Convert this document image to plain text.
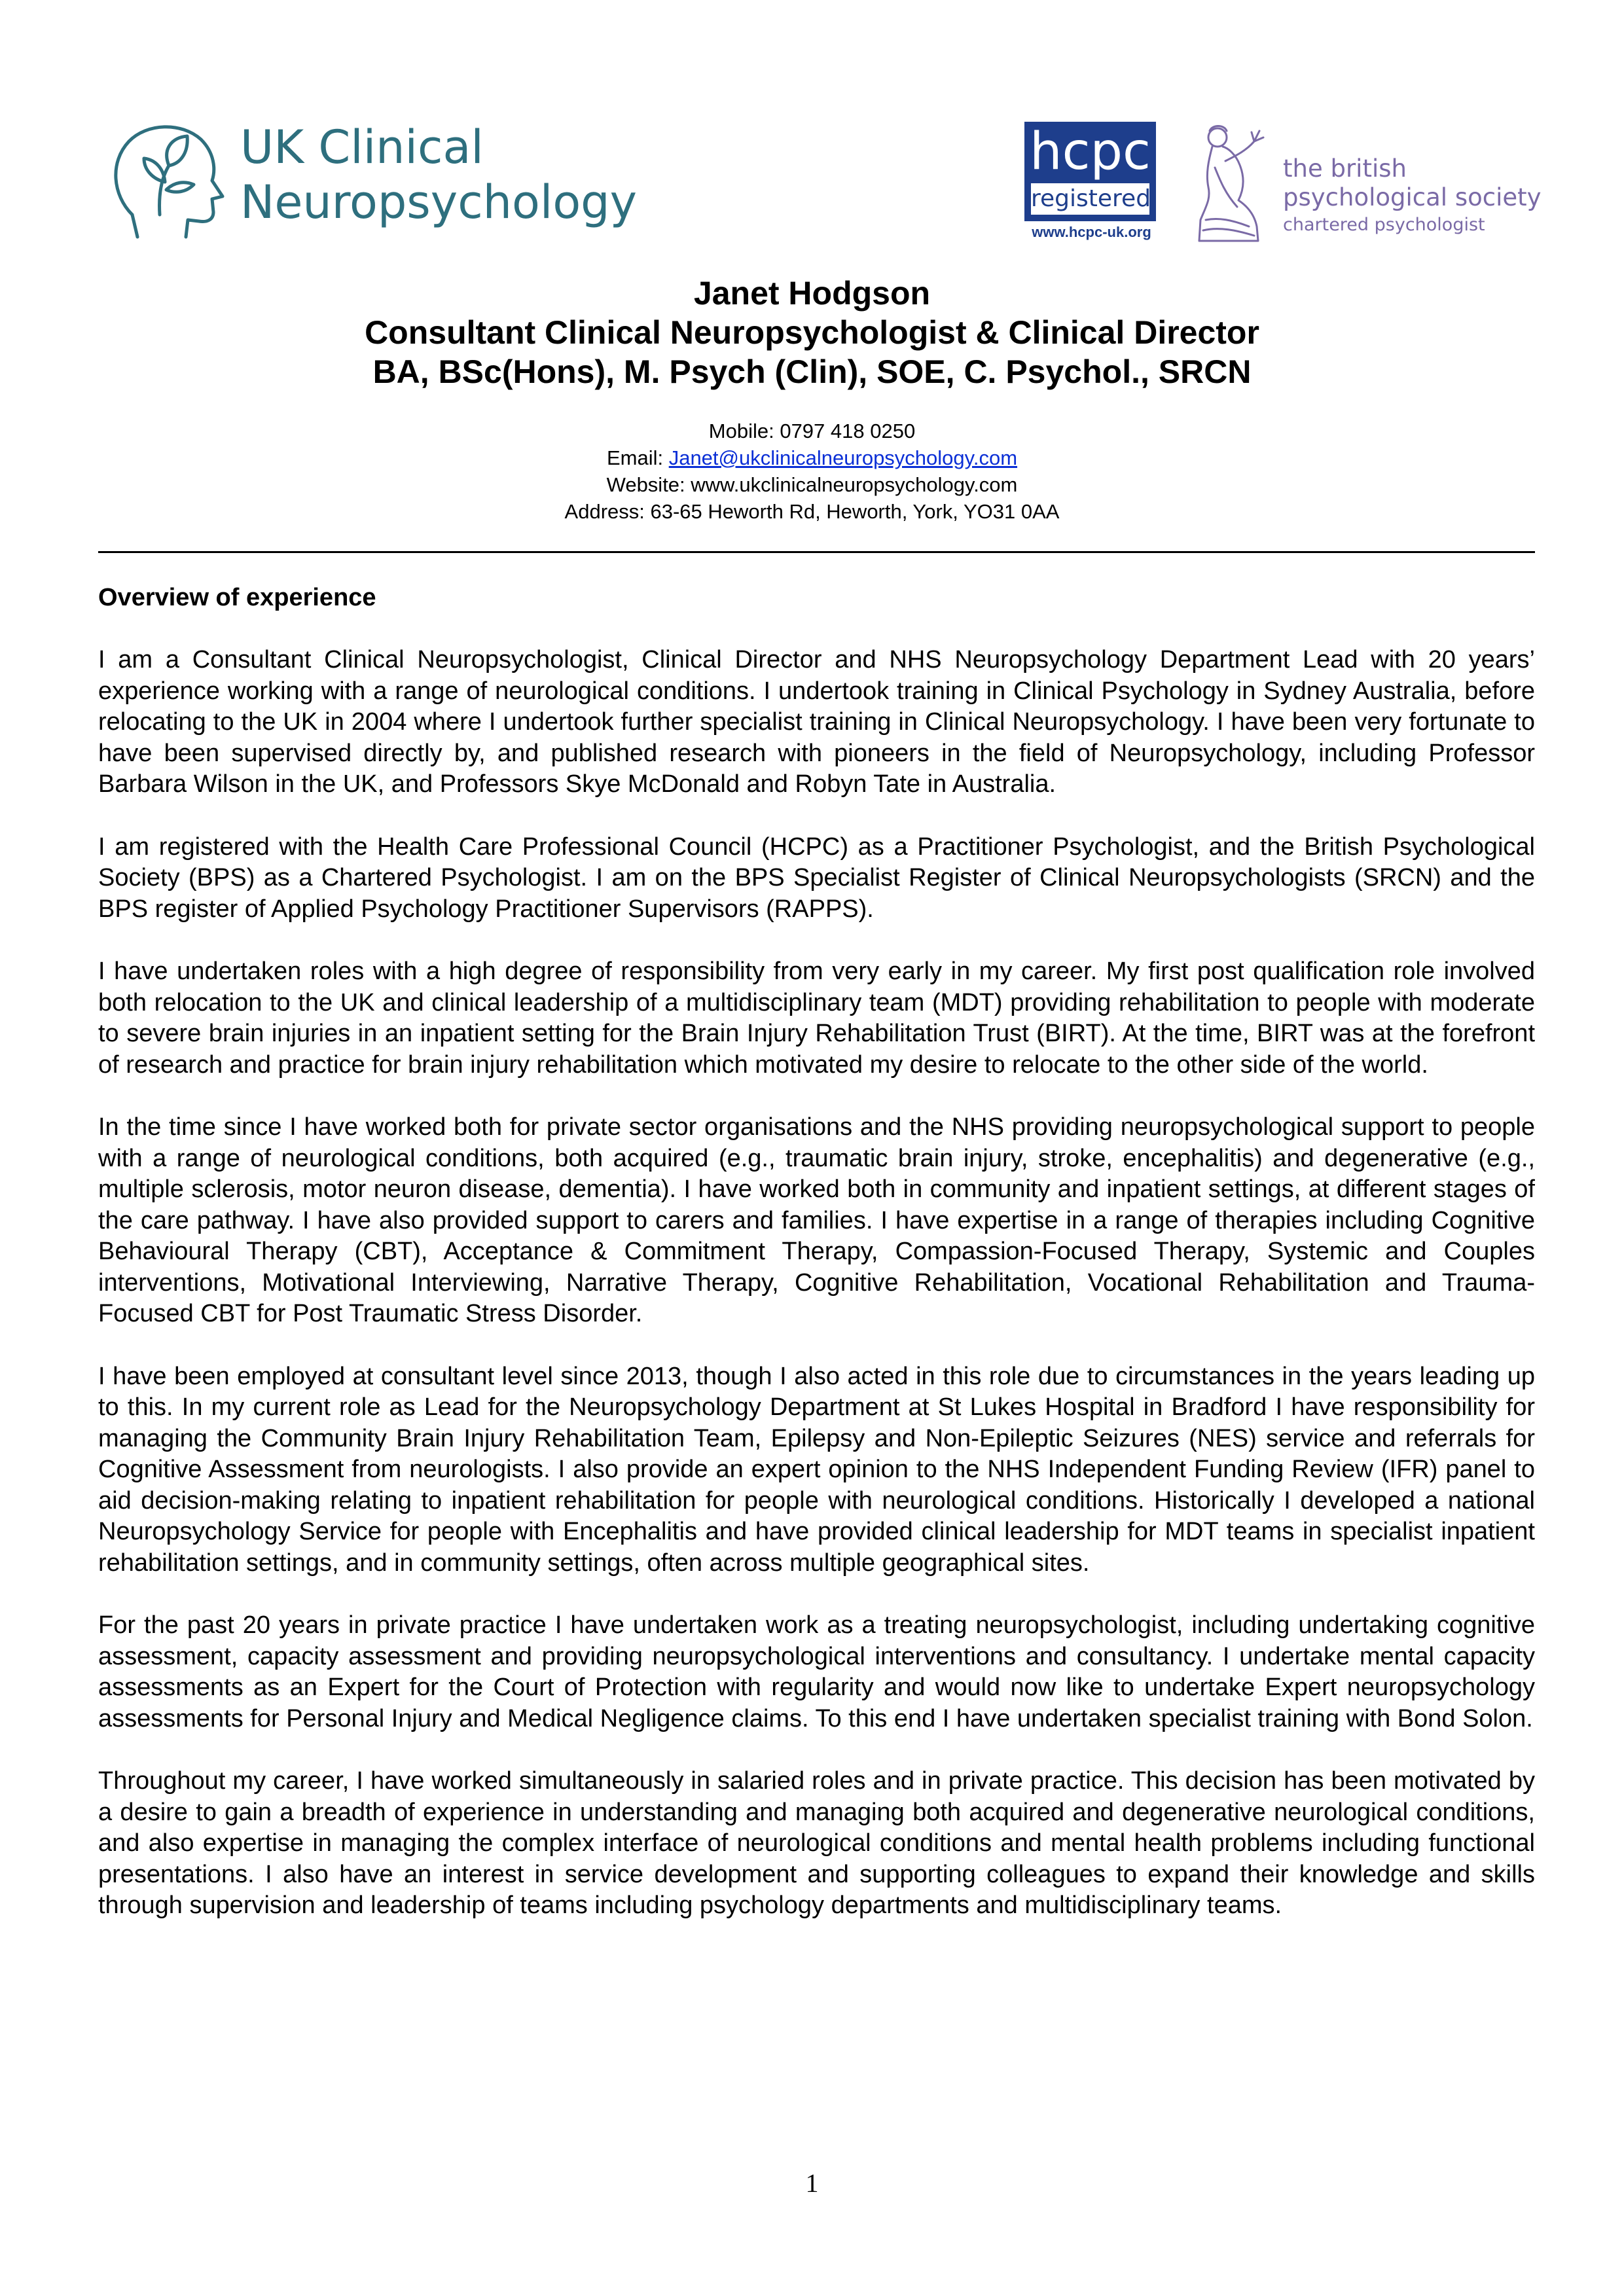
UK Clinical
Neuropsychology
hcpc
registered
www.hcpc-uk.org
the british
psychological society
chartered psychologist
Janet Hodgson
Consultant Clinical Neuropsychologist & Clinical Director
BA, BSc(Hons), M. Psych (Clin), SOE, C. Psychol., SRCN
Mobile: 0797 418 0250
Email: Janet@ukclinicalneuropsychology.com
Website: www.ukclinicalneuropsychology.com
Address: 63-65 Heworth Rd, Heworth, York, YO31 0AA
Overview of experience

I am a Consultant Clinical Neuropsychologist, Clinical Director and NHS Neuropsychology Department Lead with 20 years’ experience working with a range of neurological conditions. I undertook training in Clinical Psychology in Sydney Australia, before relocating to the UK in 2004 where I undertook further specialist training in Clinical Neuropsychology. I have been very fortunate to have been supervised directly by, and published research with pioneers in the field of Neuropsychology, including Professor Barbara Wilson in the UK, and Professors Skye McDonald and Robyn Tate in Australia.

I am registered with the Health Care Professional Council (HCPC) as a Practitioner Psychologist, and the British Psychological Society (BPS) as a Chartered Psychologist. I am on the BPS Specialist Register of Clinical Neuropsychologists (SRCN) and the BPS register of Applied Psychology Practitioner Supervisors (RAPPS).

I have undertaken roles with a high degree of responsibility from very early in my career. My first post qualification role involved both relocation to the UK and clinical leadership of a multidisciplinary team (MDT) providing rehabilitation to people with moderate to severe brain injuries in an inpatient setting for the Brain Injury Rehabilitation Trust (BIRT). At the time, BIRT was at the forefront of research and practice for brain injury rehabilitation which motivated my desire to relocate to the other side of the world.

In the time since I have worked both for private sector organisations and the NHS providing neuropsychological support to people with a range of neurological conditions, both acquired (e.g., traumatic brain injury, stroke, encephalitis) and degenerative (e.g., multiple sclerosis, motor neuron disease, dementia). I have worked both in community and inpatient settings, at different stages of the care pathway. I have also provided support to carers and families. I have expertise in a range of therapies including Cognitive Behavioural Therapy (CBT), Acceptance & Commitment Therapy, Compassion-Focused Therapy, Systemic and Couples interventions, Motivational Interviewing, Narrative Therapy, Cognitive Rehabilitation, Vocational Rehabilitation and Trauma-Focused CBT for Post Traumatic Stress Disorder.

I have been employed at consultant level since 2013, though I also acted in this role due to circumstances in the years leading up to this. In my current role as Lead for the Neuropsychology Department at St Lukes Hospital in Bradford I have responsibility for managing the Community Brain Injury Rehabilitation Team, Epilepsy and Non-Epileptic Seizures (NES) service and referrals for Cognitive Assessment from neurologists. I also provide an expert opinion to the NHS Independent Funding Review (IFR) panel to aid decision-making relating to inpatient rehabilitation for people with neurological conditions. Historically I developed a national Neuropsychology Service for people with Encephalitis and have provided clinical leadership for MDT teams in specialist inpatient rehabilitation settings, and in community settings, often across multiple geographical sites.

For the past 20 years in private practice I have undertaken work as a treating neuropsychologist, including undertaking cognitive assessment, capacity assessment and providing neuropsychological interventions and consultancy. I undertake mental capacity assessments as an Expert for the Court of Protection with regularity and would now like to undertake Expert neuropsychology assessments for Personal Injury and Medical Negligence claims. To this end I have undertaken specialist training with Bond Solon.

Throughout my career, I have worked simultaneously in salaried roles and in private practice. This decision has been motivated by a desire to gain a breadth of experience in understanding and managing both acquired and degenerative neurological conditions, and also expertise in managing the complex interface of neurological conditions and mental health problems including functional presentations. I also have an interest in service development and supporting colleagues to expand their knowledge and skills through supervision and leadership of teams including psychology departments and multidisciplinary teams.

1
